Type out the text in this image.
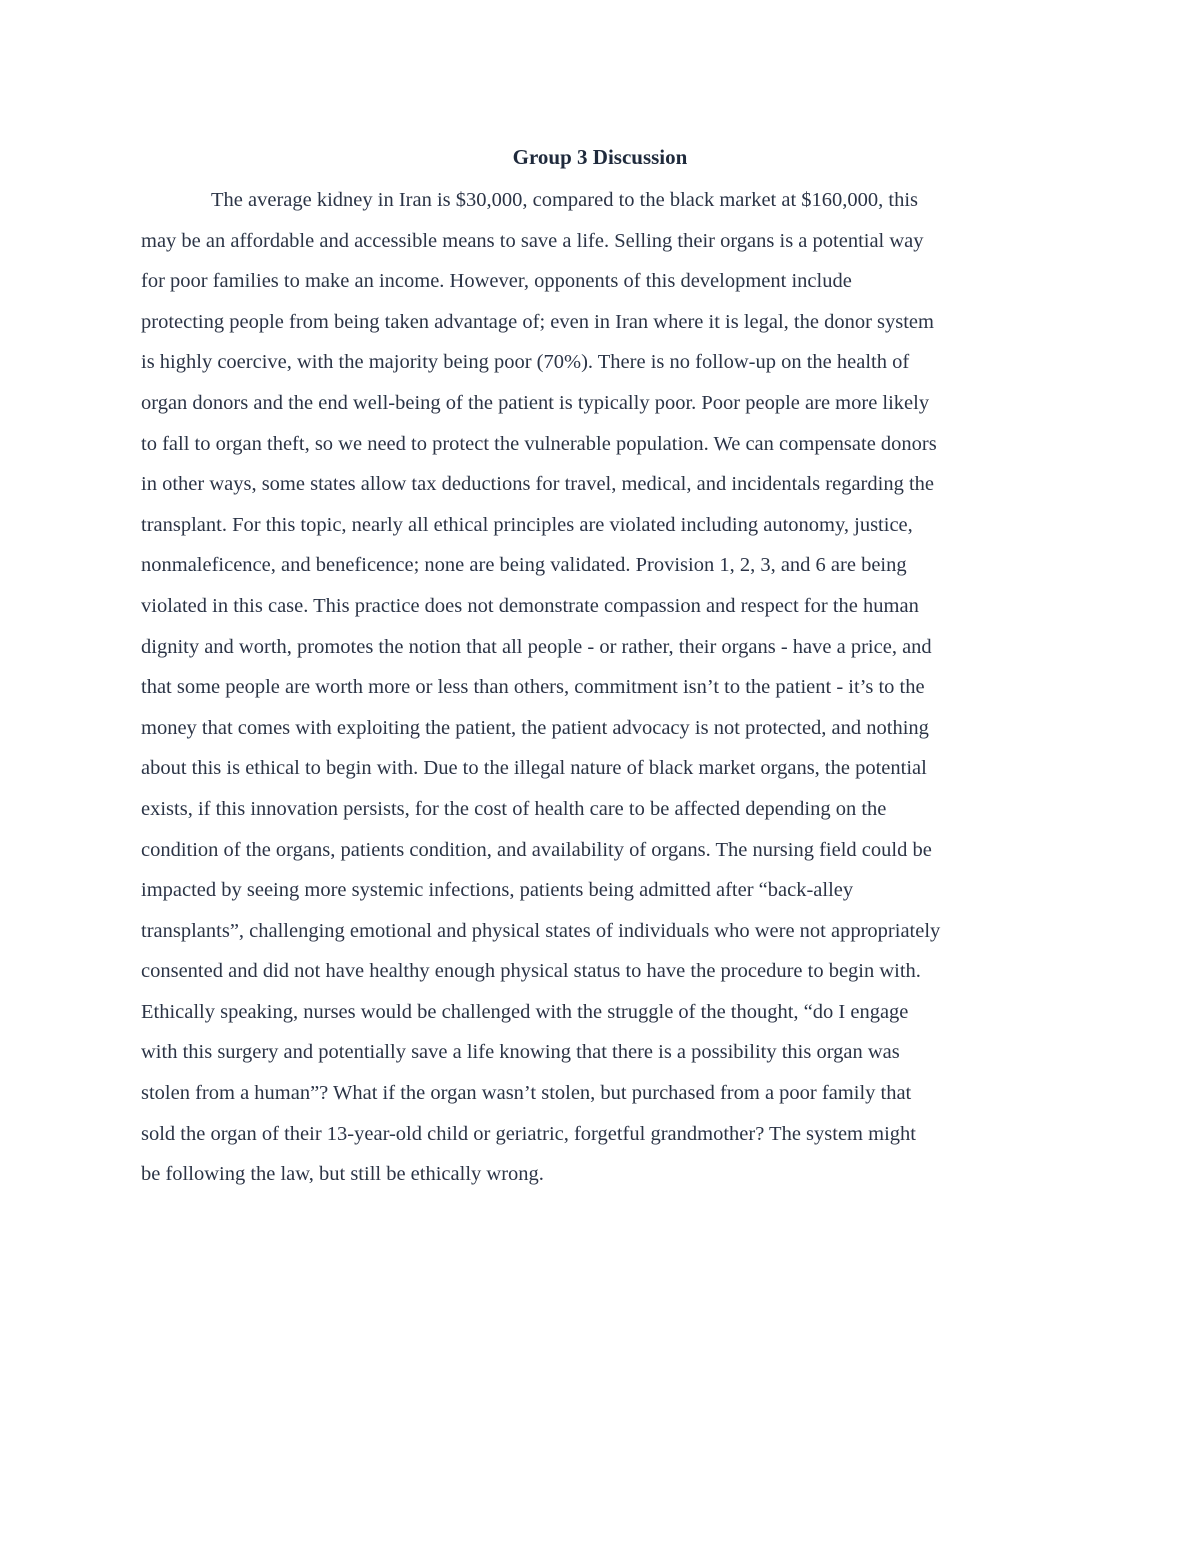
Group 3 Discussion
The average kidney in Iran is $30,000, compared to the black market at $160,000, this
may be an affordable and accessible means to save a life. Selling their organs is a potential way
for poor families to make an income. However, opponents of this development include
protecting people from being taken advantage of; even in Iran where it is legal, the donor system
is highly coercive, with the majority being poor (70%). There is no follow-up on the health of
organ donors and the end well-being of the patient is typically poor. Poor people are more likely
to fall to organ theft, so we need to protect the vulnerable population. We can compensate donors
in other ways, some states allow tax deductions for travel, medical, and incidentals regarding the
transplant. For this topic, nearly all ethical principles are violated including autonomy, justice,
nonmaleficence, and beneficence; none are being validated. Provision 1, 2, 3, and 6 are being
violated in this case. This practice does not demonstrate compassion and respect for the human
dignity and worth, promotes the notion that all people - or rather, their organs - have a price, and
that some people are worth more or less than others, commitment isn’t to the patient - it’s to the
money that comes with exploiting the patient, the patient advocacy is not protected, and nothing
about this is ethical to begin with. Due to the illegal nature of black market organs, the potential
exists, if this innovation persists, for the cost of health care to be affected depending on the
condition of the organs, patients condition, and availability of organs. The nursing field could be
impacted by seeing more systemic infections, patients being admitted after “back-alley
transplants”, challenging emotional and physical states of individuals who were not appropriately
consented and did not have healthy enough physical status to have the procedure to begin with.
Ethically speaking, nurses would be challenged with the struggle of the thought, “do I engage
with this surgery and potentially save a life knowing that there is a possibility this organ was
stolen from a human”? What if the organ wasn’t stolen, but purchased from a poor family that
sold the organ of their 13-year-old child or geriatric, forgetful grandmother? The system might
be following the law, but still be ethically wrong.
